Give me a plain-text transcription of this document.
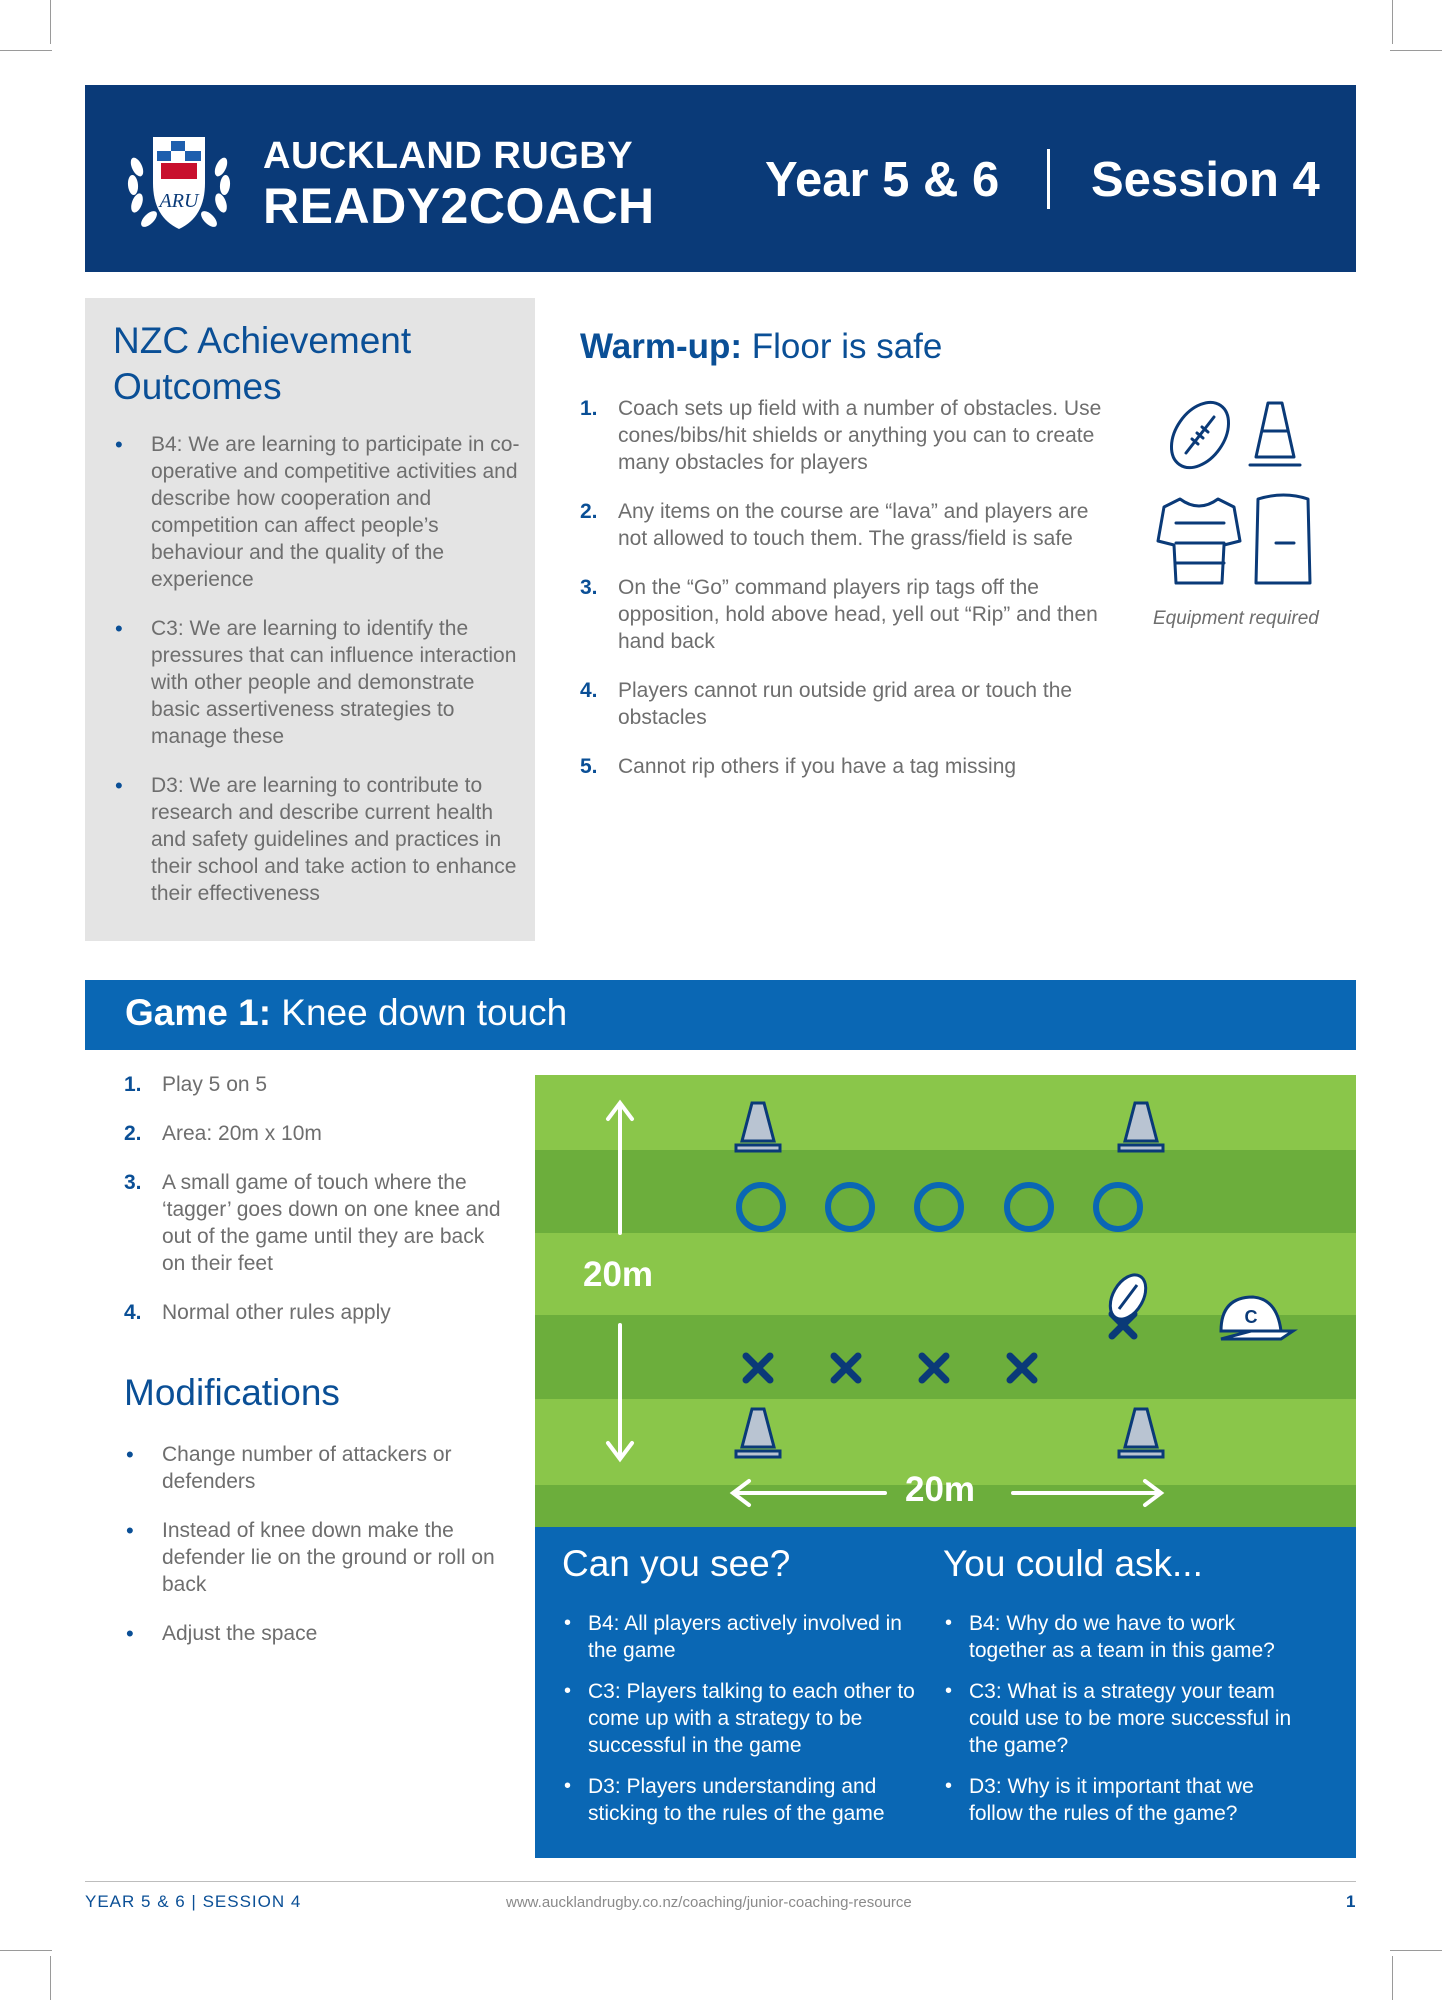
ARU
AUCKLAND RUGBY
READY2COACH Year 5 & 6 Session 4
NZC Achievement Outcomes
• B4: We are learning to participate in co-operative and competitive activities and describe how cooperation and competition can affect people’s behaviour and the quality of the experience
• C3: We are learning to identify the pressures that can influence interaction with other people and demonstrate basic assertiveness strategies to manage these
• D3: We are learning to contribute to research and describe current health and safety guidelines and practices in their school and take action to enhance their effectiveness
Warm-up: Floor is safe
1. Coach sets up field with a number of obstacles. Use cones/bibs/hit shields or anything you can to create many obstacles for players
2. Any items on the course are “lava” and players are not allowed to touch them. The grass/field is safe
3. On the “Go” command players rip tags off the opposition, hold above head, yell out “Rip” and then hand back
4. Players cannot run outside grid area or touch the obstacles
5. Cannot rip others if you have a tag missing
Equipment required
Game 1: Knee down touch
1. Play 5 on 5
2. Area: 20m x 10m
3. A small game of touch where the ‘tagger’ goes down on one knee and out of the game until they are back on their feet
4. Normal other rules apply
Modifications
• Change number of attackers or defenders
• Instead of knee down make the defender lie on the ground or roll on back
• Adjust the space
C
20m
20m
Can you see?
• B4: All players actively involved in the game
• C3: Players talking to each other to come up with a strategy to be successful in the game
• D3: Players understanding and sticking to the rules of the game
You could ask...
• B4: Why do we have to work together as a team in this game?
• C3: What is a strategy your team could use to be more successful in the game?
• D3: Why is it important that we follow the rules of the game?
YEAR 5 & 6 | SESSION 4	www.aucklandrugby.co.nz/coaching/junior-coaching-resource	1
